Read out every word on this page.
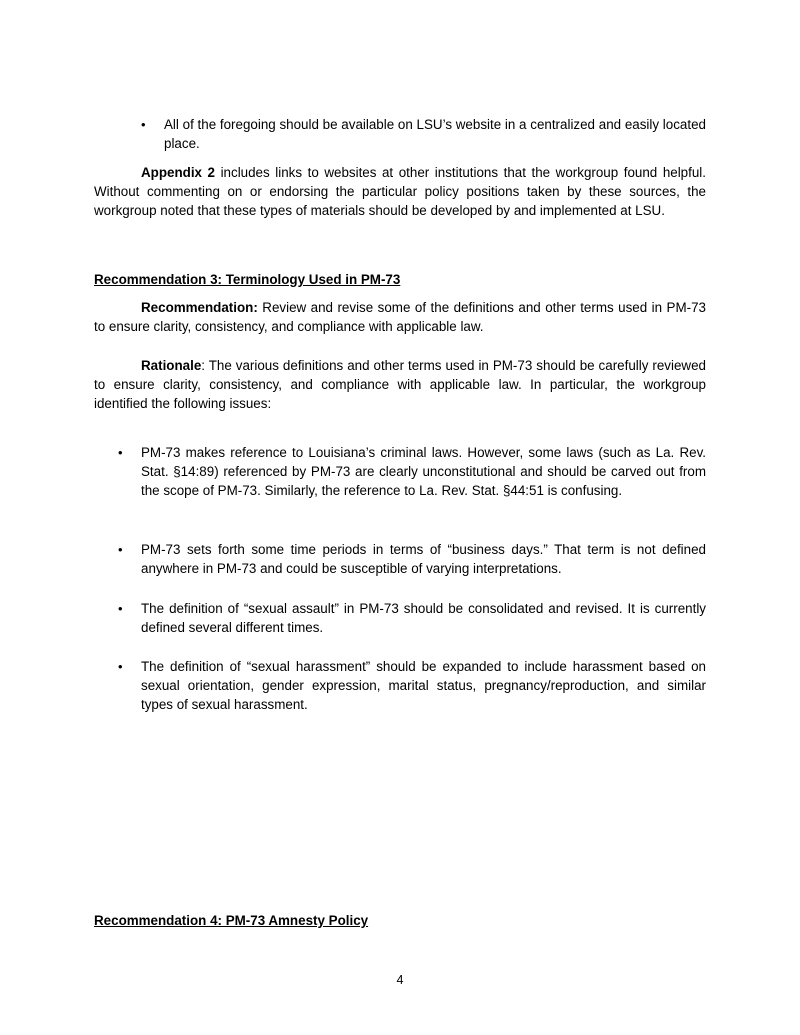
•	All of the foregoing should be available on LSU’s website in a centralized and easily located place.

Appendix 2 includes links to websites at other institutions that the workgroup found helpful. Without commenting on or endorsing the particular policy positions taken by these sources, the workgroup noted that these types of materials should be developed by and implemented at LSU.

Recommendation 3: Terminology Used in PM-73

Recommendation: Review and revise some of the definitions and other terms used in PM-73 to ensure clarity, consistency, and compliance with applicable law.

Rationale: The various definitions and other terms used in PM-73 should be carefully reviewed to ensure clarity, consistency, and compliance with applicable law. In particular, the workgroup identified the following issues:

•	PM-73 makes reference to Louisiana’s criminal laws. However, some laws (such as La. Rev. Stat. §14:89) referenced by PM-73 are clearly unconstitutional and should be carved out from the scope of PM-73. Similarly, the reference to La. Rev. Stat. §44:51 is confusing.

•	PM-73 sets forth some time periods in terms of “business days.” That term is not defined anywhere in PM-73 and could be susceptible of varying interpretations.

•	The definition of “sexual assault” in PM-73 should be consolidated and revised. It is currently defined several different times.

•	The definition of “sexual harassment” should be expanded to include harassment based on sexual orientation, gender expression, marital status, pregnancy/reproduction, and similar types of sexual harassment.

Recommendation 4: PM-73 Amnesty Policy

4
